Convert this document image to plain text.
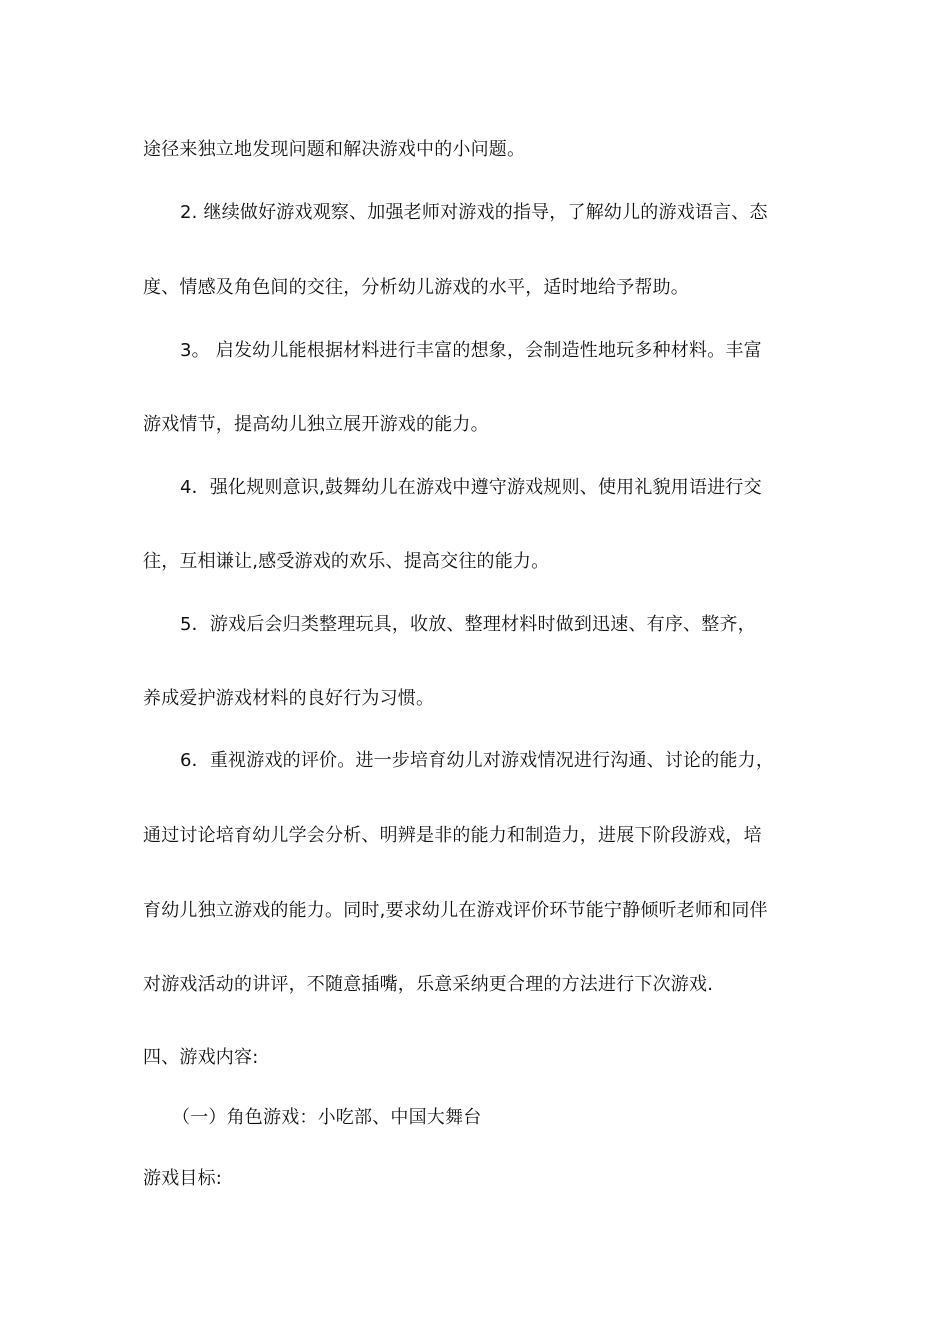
途径来独立地发现问题和解决游戏中的小问题。
2. 继续做好游戏观察、加强老师对游戏的指导，了解幼儿的游戏语言、态
度、情感及角色间的交往，分析幼儿游戏的水平，适时地给予帮助。
3。 启发幼儿能根据材料进行丰富的想象，会制造性地玩多种材料。丰富
游戏情节，提高幼儿独立展开游戏的能力。
4．强化规则意识,鼓舞幼儿在游戏中遵守游戏规则、使用礼貌用语进行交
往，互相谦让,感受游戏的欢乐、提高交往的能力。
5．游戏后会归类整理玩具，收放、整理材料时做到迅速、有序、整齐，
养成爱护游戏材料的良好行为习惯。
6．重视游戏的评价。进一步培育幼儿对游戏情况进行沟通、讨论的能力，
通过讨论培育幼儿学会分析、明辨是非的能力和制造力，进展下阶段游戏，培
育幼儿独立游戏的能力。同时,要求幼儿在游戏评价环节能宁静倾听老师和同伴
对游戏活动的讲评，不随意插嘴，乐意采纳更合理的方法进行下次游戏.
四、游戏内容:
（一）角色游戏：小吃部、中国大舞台
游戏目标:
